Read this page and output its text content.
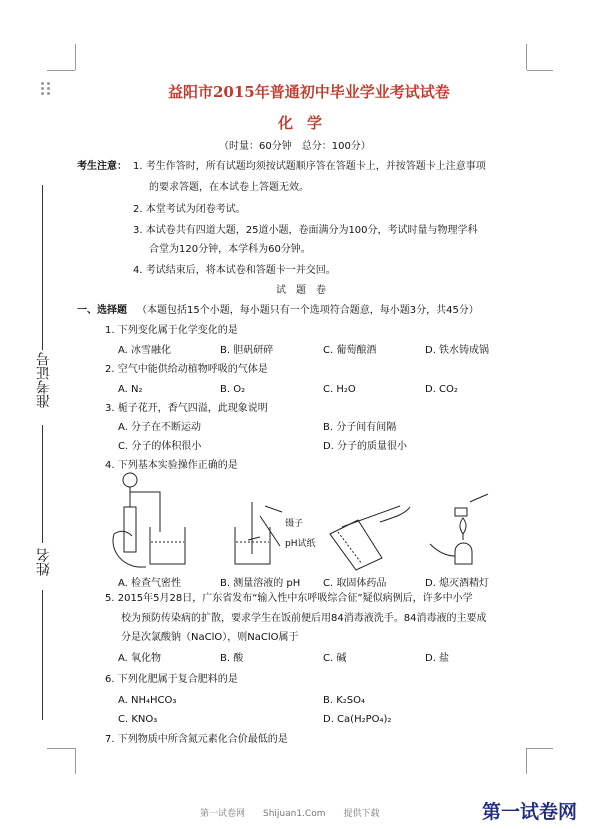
准考证号
姓名
益阳市2015年普通初中毕业学业考试试卷
化学
（时量：60分钟　总分：100分）
考生注意： 1. 考生作答时，所有试题均须按试题顺序答在答题卡上，并按答题卡上注意事项
的要求答题，在本试卷上答题无效。
2. 本堂考试为闭卷考试。
3. 本试卷共有四道大题，25道小题，卷面满分为100分，考试时量与物理学科
合堂为120分钟，本学科为60分钟。
4. 考试结束后，将本试卷和答题卡一并交回。
试　题　卷
一、选择题 （本题包括15个小题，每小题只有一个选项符合题意，每小题3分，共45分）
1. 下列变化属于化学变化的是
A. 冰雪融化	B. 胆矾研碎	C. 葡萄酿酒	D. 铁水铸成锅
2. 空气中能供给动植物呼吸的气体是
A. N₂	B. O₂	C. H₂O	D. CO₂
3. 栀子花开，香气四溢，此现象说明
A. 分子在不断运动	B. 分子间有间隔
C. 分子的体积很小	D. 分子的质量很小
4. 下列基本实验操作正确的是
镊子
pH试纸
A. 检查气密性	B. 测量溶液的 pH C. 取固体药品	D. 熄灭酒精灯
5. 2015年5月28日，广东省发布“输入性中东呼吸综合征”疑似病例后，许多中小学
校为预防传染病的扩散，要求学生在饭前便后用84消毒液洗手。84消毒液的主要成
分是次氯酸钠（NaClO），则NaClO属于
A. 氧化物	B. 酸	C. 碱	D. 盐
6. 下列化肥属于复合肥料的是
A. NH₄HCO₃	B. K₂SO₄
C. KNO₃	D. Ca(H₂PO₄)₂
7. 下列物质中所含氮元素化合价最低的是
第一试卷网　　Shijuan1.Com　　提供下载	第一试卷网
